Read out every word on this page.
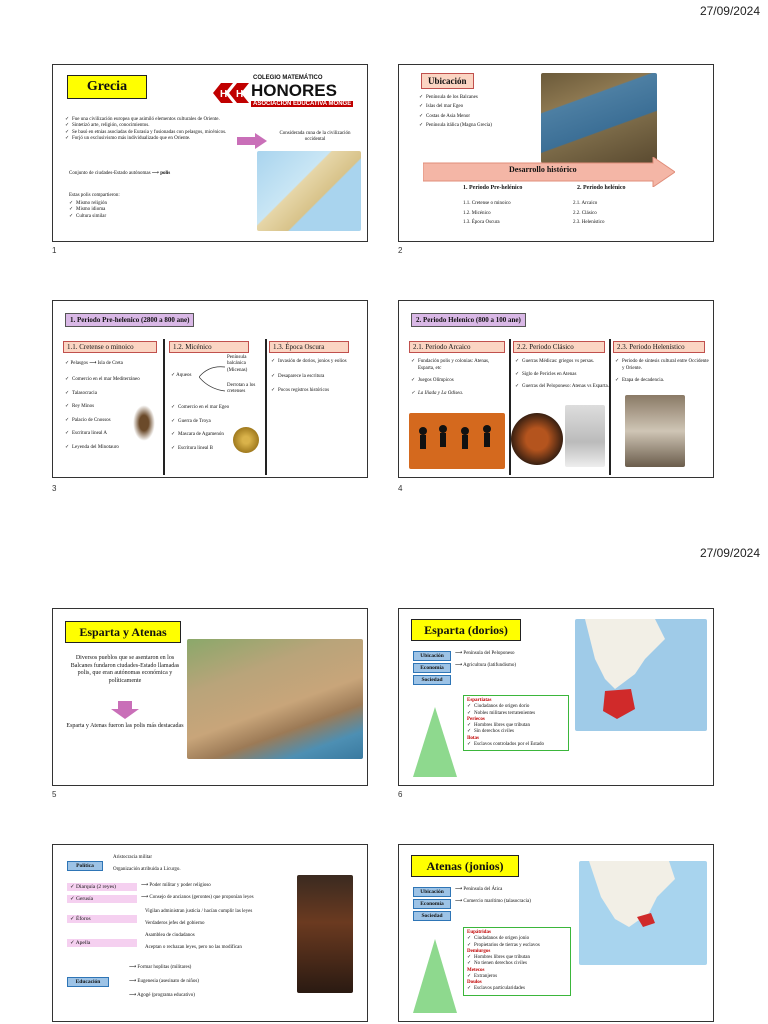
27/09/2024
27/09/2024
Grecia
H H
COLEGIO MATEMÁTICO
HONORES
ASOCIACIÓN EDUCATIVA MONGE
✓ Fue una civilización europea que asimiló elementos culturales de Oriente.
✓ Sintetizó arte, religión, conocimientos.
✓ Se basó en etnias asociadas de Eurasia y fusionadas con pelasgos, micénicos.
✓ Forjó un exclusivismo más individualizado que en Oriente.
Considerada cuna de la civilización occidental
Conjunto de ciudades-Estado autónomas ⟶ polis
Estas polis compartieron:
✓ Mismo religión
✓ Mismo idioma
✓ Cultura similar
1
Ubicación
✓ Península de los Balcanes
✓ Islas del mar Egeo
✓ Costas de Asia Menor
✓ Península itálica (Magna Grecia)
Desarrollo histórico
1. Periodo Pre-helénico
1.1. Cretense o minoico
1.2. Micénico
1.3. Época Oscura
2. Periodo helénico
2.1. Arcaico
2.2. Clásico
2.3. Helenístico
2
1. Periodo Pre-helenico (2800 a 800 ane)
1.1. Cretense o minoico
✓ Pelasgos ⟶ Isla de Creta
✓ Comercio en el mar Mediterráneo
✓ Talasocracia
✓ Rey Minos
✓ Palacio de Cnossos
✓ Escritura lineal A
✓ Leyenda del Minotauro
1.2. Micénico
✓ Aqueos
Península balcánica (Micenas)
Derrotan a los cretenses
✓ Comercio en el mar Egeo
✓ Guerra de Troya
✓ Mascara de Agamenón
✓ Escritura lineal B
1.3. Época Oscura
✓ Invasión de dorios, jonios y eolios
✓ Desaparece la escritura
✓ Pocos registros históricos
3
2. Periodo Helenico (800 a 100 ane)
2.1. Periodo Arcaico
✓ Fundación polis y colonias: Atenas, Esparta, etc
✓ Juegos Olímpicos
✓ La Iliada y La Odisea.
2.2. Periodo Clásico
✓ Guerras Médicas: griegos vs persas.
✓ Siglo de Pericles en Atenas
✓ Guerras del Peloponeso: Atenas vs Esparta.
2.3. Periodo Helenístico
✓ Periodo de síntesis cultural entre Occidente y Oriente.
✓ Etapa de decadencia.
4
Esparta y Atenas
Diversos pueblos que se asentaron en los Balcanes fundaron ciudades-Estado llamadas polis, que eran autónomas económica y políticamente
Esparta y Atenas fueron las polis más destacadas
5
Esparta (dorios)
Ubicación
Economía
Sociedad
⟶ Península del Peloponeso
⟶ Agricultura (latifundismo)
Espartiatas
✓ Ciudadanos de origen dorio
✓ Nobles militares terratenientes
Periecos
✓ Hombres libres que tributan
✓ Sin derechos civiles
Ilotas
✓ Esclavos controlados por el Estado
6
Política
Aristocracia militar
Organización atribuida a Licurgo.
✓ Diarquía (2 reyes)	⟶ Poder militar y poder religioso
✓ Gerusía	⟶ Consejo de ancianos (gerontes) que proponían leyes
✓ Éforos
Vigilan administran justicia / hacían cumplir las leyes
Verdaderos jefes del gobierno
✓ Apella
Asamblea de ciudadanos
Aceptan o rechazan leyes, pero no las modifican
Educación
⟶ Formar hoplitas (militares)
⟶ Eugenesia (asesinato de niños)
⟶ Agogé (programa educativo)
Atenas (jonios)
Ubicación
Economía
Sociedad
⟶ Península del Ática
⟶ Comercio marítimo (talasocracia)
Eupátridas
✓ Ciudadanos de origen jonio
✓ Propietarios de tierras y esclavos
Demiurgos
✓ Hombres libres que tributan
✓ No tienen derechos civiles
Metecos
✓ Extranjeros
Doulos
✓ Esclavos particularidades
